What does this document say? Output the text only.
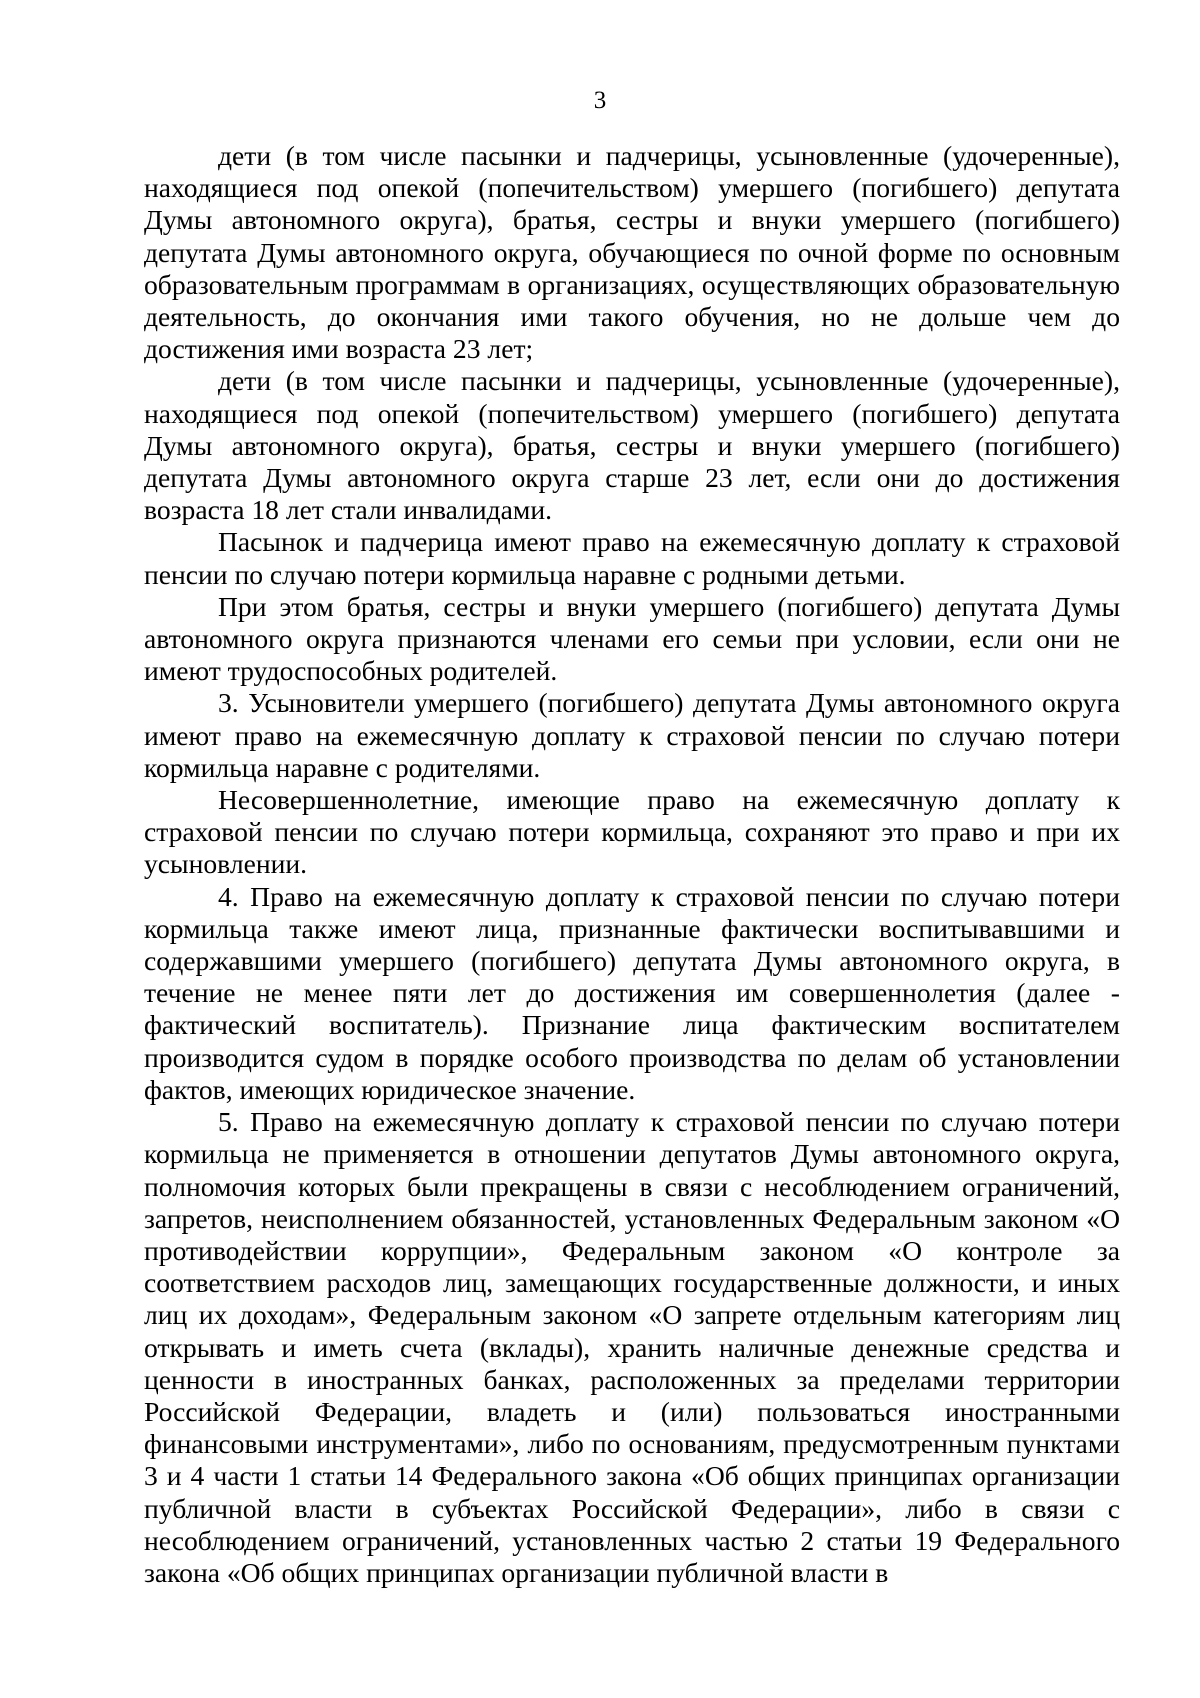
3

дети (в том числе пасынки и падчерицы, усыновленные (удочеренные), находящиеся под опекой (попечительством) умершего (погибшего) депутата Думы автономного округа), братья, сестры и внуки умершего (погибшего) депутата Думы автономного округа, обучающиеся по очной форме по основным образовательным программам в организациях, осуществляющих образовательную деятельность, до окончания ими такого обучения, но не дольше чем до достижения ими возраста 23 лет;

дети (в том числе пасынки и падчерицы, усыновленные (удочеренные), находящиеся под опекой (попечительством) умершего (погибшего) депутата Думы автономного округа), братья, сестры и внуки умершего (погибшего) депутата Думы автономного округа старше 23 лет, если они до достижения возраста 18 лет стали инвалидами.

Пасынок и падчерица имеют право на ежемесячную доплату к страховой пенсии по случаю потери кормильца наравне с родными детьми.

При этом братья, сестры и внуки умершего (погибшего) депутата Думы автономного округа признаются членами его семьи при условии, если они не имеют трудоспособных родителей.

3. Усыновители умершего (погибшего) депутата Думы автономного округа имеют право на ежемесячную доплату к страховой пенсии по случаю потери кормильца наравне с родителями.

Несовершеннолетние, имеющие право на ежемесячную доплату к страховой пенсии по случаю потери кормильца, сохраняют это право и при их усыновлении.

4. Право на ежемесячную доплату к страховой пенсии по случаю потери кормильца также имеют лица, признанные фактически воспитывавшими и содержавшими умершего (погибшего) депутата Думы автономного округа, в течение не менее пяти лет до достижения им совершеннолетия (далее - фактический воспитатель). Признание лица фактическим воспитателем производится судом в порядке особого производства по делам об установлении фактов, имеющих юридическое значение.

5. Право на ежемесячную доплату к страховой пенсии по случаю потери кормильца не применяется в отношении депутатов Думы автономного округа, полномочия которых были прекращены в связи с несоблюдением ограничений, запретов, неисполнением обязанностей, установленных Федеральным законом «О противодействии коррупции», Федеральным законом «О контроле за соответствием расходов лиц, замещающих государственные должности, и иных лиц их доходам», Федеральным законом «О запрете отдельным категориям лиц открывать и иметь счета (вклады), хранить наличные денежные средства и ценности в иностранных банках, расположенных за пределами территории Российской Федерации, владеть и (или) пользоваться иностранными финансовыми инструментами», либо по основаниям, предусмотренным пунктами 3 и 4 части 1 статьи 14 Федерального закона «Об общих принципах организации публичной власти в субъектах Российской Федерации», либо в связи с несоблюдением ограничений, установленных частью 2 статьи 19 Федерального закона «Об общих принципах организации публичной власти в
